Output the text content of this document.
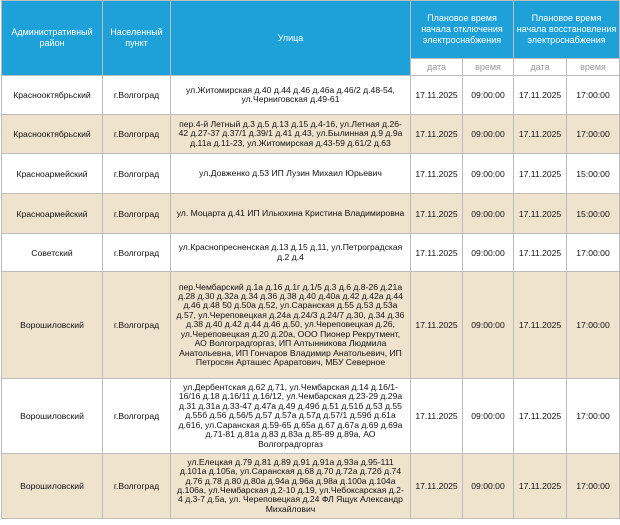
Административный район	Населенный пункт	Улица	Плановое время начала отключения электроснабжения		Плановое время начала восстановления электроснабжения	
			дата	время	дата	время
Краснооктябрьский	г.Волгоград	ул.Житомирская д.40 д.44 д.46 д.46а д.46/2 д.48-54, ул.Черниговская д.49-61	17.11.2025	09:00:00	17.11.2025	17:00:00
Краснооктябрьский	г.Волгоград	пер.4-й Летный д.3 д.5 д.13 д.15 д.4-16, ул.Летная д.26-42 д.27-37 д.37/1 д.39/1 д.41 д.43, ул.Былинная д.9 д.9а д.11а д.11-23, ул.Житомирская д.43-59 д.61/2 д.63	17.11.2025	09:00:00	17.11.2025	17:00:00
Красноармейский	г.Волгоград	ул.Довженко д.53 ИП Лузин Михаил Юрьевич	17.11.2025	09:00:00	17.11.2025	15:00:00
Красноармейский	г.Волгоград	ул. Моцарта д.41 ИП Ильюхина Кристина Владимировна	17.11.2025	09:00:00	17.11.2025	15:00:00
Советский	г.Волгоград	ул.Краснопресненская д.13 д.15 д.11, ул.Петроградская д.2 д.4	17.11.2025	09:00:00	17.11.2025	17:00:00
Ворошиловский	г.Волгоград	пер.Чембарский д.1а д.16 д.1г д.1/5 д.3 д.6 д.8-26 д.21а д.28 д.30 д.32а д.34 д.36 д.38 д.40 д.40а д.42 д.42а д.44 д.46 д.48 50 д.50а д.52, ул.Саранская д.55 д.53 д.53а д.57, ул.Череповецкая д.24а д.24/3 д.24/7 д.30, д.34 д.36 д.38 д.40 д.42 д.44 д.46 д.50, ул.Череповецкая д.26, ул.Череповецкая д.20 д.20а, ООО Пионер Рекрутмент, АО Волгоградгоргаз, ИП Алтынникова Людмила Анатольевна, ИП Гончаров Владимир Анатольевич, ИП Петросян Арташес Араратович, МБУ Северное	17.11.2025	09:00:00	17.11.2025	17:00:00
Ворошиловский	г.Волгоград	ул.Дербентская д.62 д.71, ул.Чембарская д.14 д.16/1-16/16 д.18 д.16/11 д.16/12, ул.Чембарская д.23-29 д.29а д.31 д.31а д.33-47 д.47а д.49 д.49б д.51 д.51б д.53 д.55 д.55б д.56 д.56/5 д.57 д.57а д.57д д.57/1 д.59б д.61а д.616, ул.Саранская д.59-65 д.65а д.67 д.67а д.69 д.69а д.71-81 д.81а д.83 д.83а д.85-89 д.89а, АО Волгоградгоргаз	17.11.2025	09:00:00	17.11.2025	17:00:00
Ворошиловский	г.Волгоград	ул.Елецкая д.79 д.81 д.89 д.91 д.91а д.93а д.95-111 д.101а д.105а, ул.Саранская д.68 д.70 д.72а д.72б д.74 д.76 д.78 д.80 д.80а д.94а д.96а д.98а д.100а д.104а д.106а, ул.Чембарская д.2-10 д.19, ул.Чебоксарская д.2-4 д.3-7 д.5а, ул. Череповецкая д.24 ФЛ Ящук Александр Михайлович	17.11.2025	09:00:00	17.11.2025	17:00:00
